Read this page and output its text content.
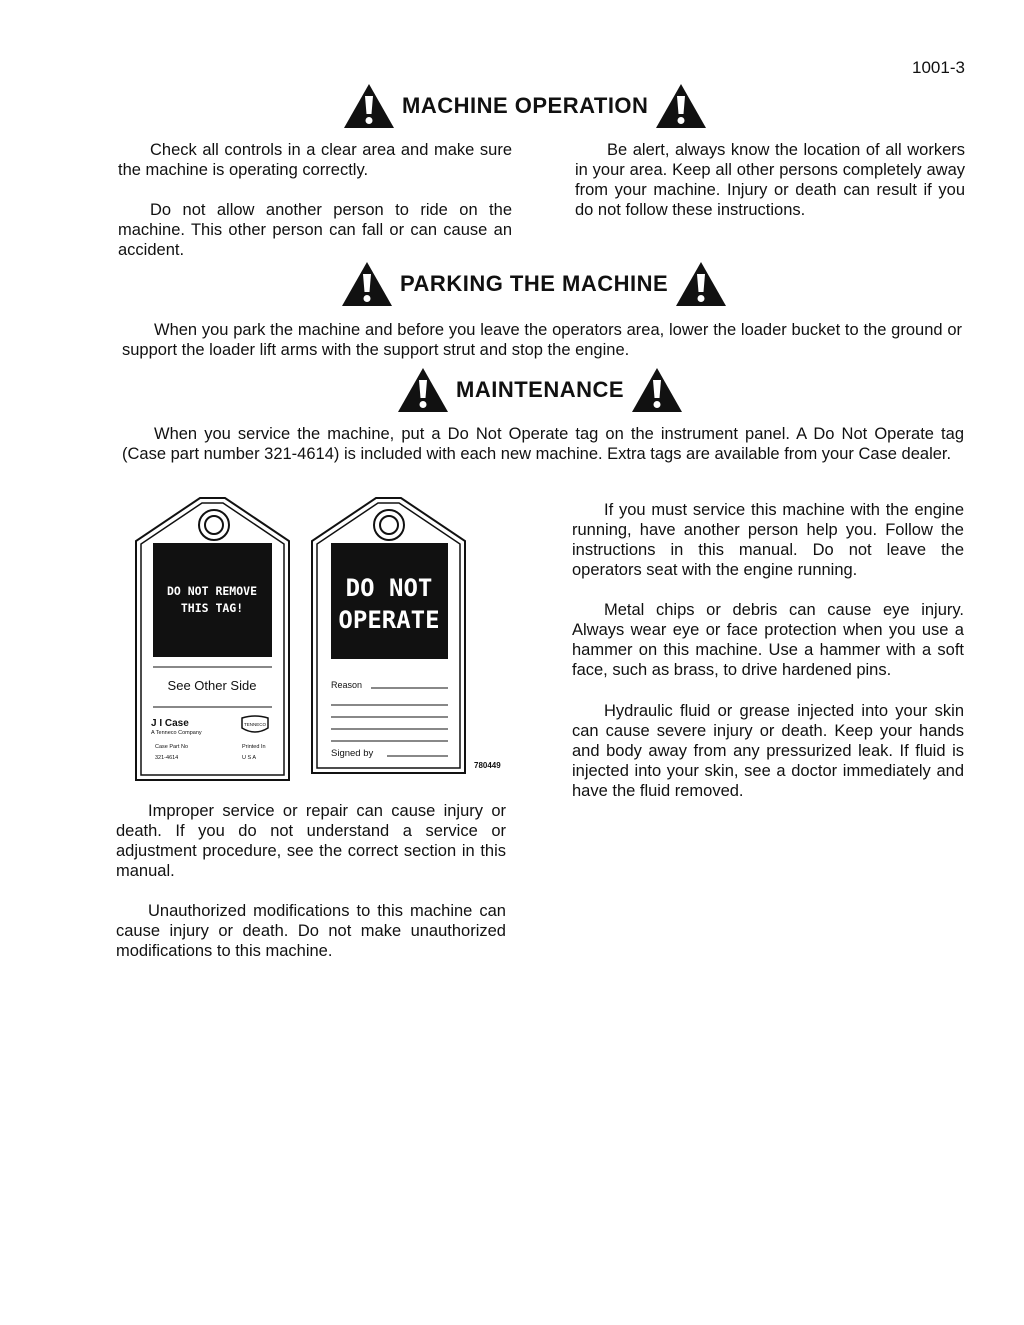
1001-3
MACHINE OPERATION

Check all controls in a clear area and make sure the machine is operating correctly.

Do not allow another person to ride on the machine. This other person can fall or can cause an accident.

Be alert, always know the location of all workers in your area. Keep all other persons completely away from your machine. Injury or death can result if you do not follow these instructions.

PARKING THE MACHINE

When you park the machine and before you leave the operators area, lower the loader bucket to the ground or support the loader lift arms with the support strut and stop the engine.

MAINTENANCE

When you service the machine, put a Do Not Operate tag on the instrument panel. A Do Not Operate tag (Case part number 321-4614) is included with each new machine. Extra tags are available from your Case dealer.

DO NOT REMOVE
THIS TAG!
See Other Side
J I Case
A Tenneco Company
TENNECO
Case Part No
321-4614
Printed In
U S A
DO NOT
OPERATE
Reason
Signed by
780449

If you must service this machine with the engine running, have another person help you. Follow the instructions in this manual. Do not leave the operators seat with the engine running.

Metal chips or debris can cause eye injury. Always wear eye or face protection when you use a hammer on this machine. Use a hammer with a soft face, such as brass, to drive hardened pins.

Hydraulic fluid or grease injected into your skin can cause severe injury or death. Keep your hands and body away from any pressurized leak. If fluid is injected into your skin, see a doctor immediately and have the fluid removed.

Improper service or repair can cause injury or death. If you do not understand a service or adjustment procedure, see the correct section in this manual.

Unauthorized modifications to this machine can cause injury or death. Do not make unauthorized modifications to this machine.
